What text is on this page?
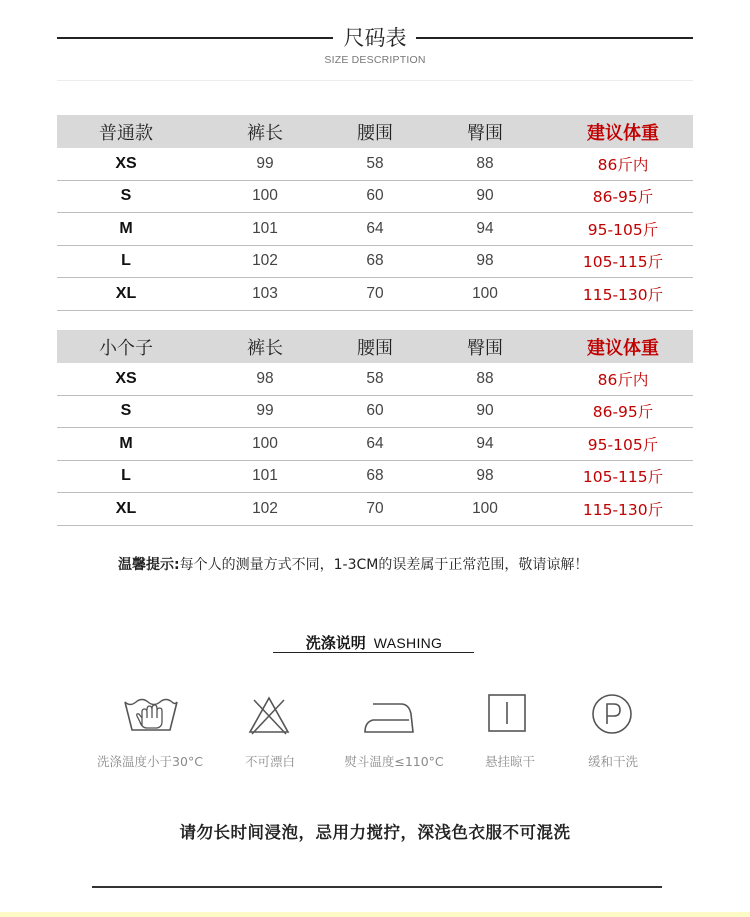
尺码表
SIZE DESCRIPTION
普通款	裤长	腰围	臀围	建议体重
XS	99	58	88	86斤内
S	100	60	90	86-95斤
M	101	64	94	95-105斤
L	102	68	98	105-115斤
XL	103	70	100	115-130斤
小个子	裤长	腰围	臀围	建议体重
XS	98	58	88	86斤内
S	99	60	90	86-95斤
M	100	64	94	95-105斤
L	101	68	98	105-115斤
XL	102	70	100	115-130斤
温馨提示:每个人的测量方式不同，1-3CM的误差属于正常范围，敬请谅解！
洗涤说明 WASHING
洗涤温度小于30°C	不可漂白	熨斗温度≤110°C	悬挂晾干	缓和干洗
请勿长时间浸泡，忌用力搅拧，深浅色衣服不可混洗
